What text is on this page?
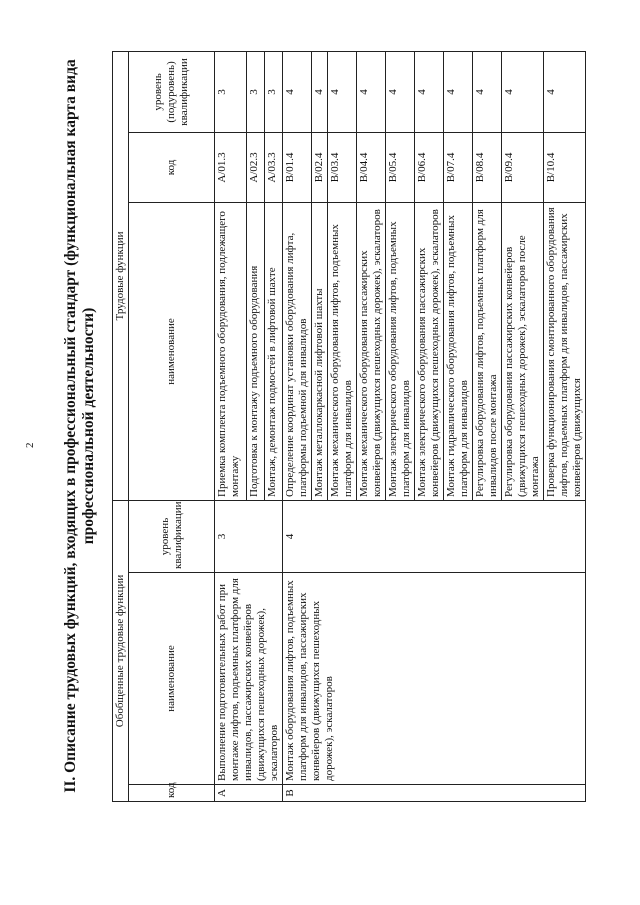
2 II. Описание трудовых функций, входящих в профессиональный стандарт (функциональная карта вида профессиональной деятельности)
Обобщенные трудовые функции			Трудовые функции		
код	наименование	уровень квалификации	наименование	код	уровень (подуровень) квалификации
A	Выполнение подготовительных работ при монтаже лифтов, подъемных платформ для инвалидов, пассажирских конвейеров (движущихся пешеходных дорожек), эскалаторов	3	Приемка комплекта подъемного оборудования, подлежащего монтажу	A/01.3	3
			Подготовка к монтажу подъемного оборудования	A/02.3	3
			Монтаж, демонтаж подмостей в лифтовой шахте	A/03.3	3
B	Монтаж оборудования лифтов, подъемных платформ для инвалидов, пассажирских конвейеров (движущихся пешеходных дорожек), эскалаторов	4	Определение координат установки оборудования лифта, платформы подъемной для инвалидов	B/01.4	4
			Монтаж металлокаркасной лифтовой шахты	B/02.4	4
			Монтаж механического оборудования лифтов, подъемных платформ для инвалидов	B/03.4	4
			Монтаж механического оборудования пассажирских конвейеров (движущихся пешеходных дорожек), эскалаторов	B/04.4	4
			Монтаж электрического оборудования лифтов, подъемных платформ для инвалидов	B/05.4	4
			Монтаж электрического оборудования пассажирских конвейеров (движущихся пешеходных дорожек), эскалаторов	B/06.4	4
			Монтаж гидравлического оборудования лифтов, подъемных платформ для инвалидов	B/07.4	4
			Регулировка оборудования лифтов, подъемных платформ для инвалидов после монтажа	B/08.4	4
			Регулировка оборудования пассажирских конвейеров (движущихся пешеходных дорожек), эскалаторов после монтажа	B/09.4	4
			Проверка функционирования смонтированного оборудования лифтов, подъемных платформ для инвалидов, пассажирских конвейеров (движущихся	B/10.4	4
